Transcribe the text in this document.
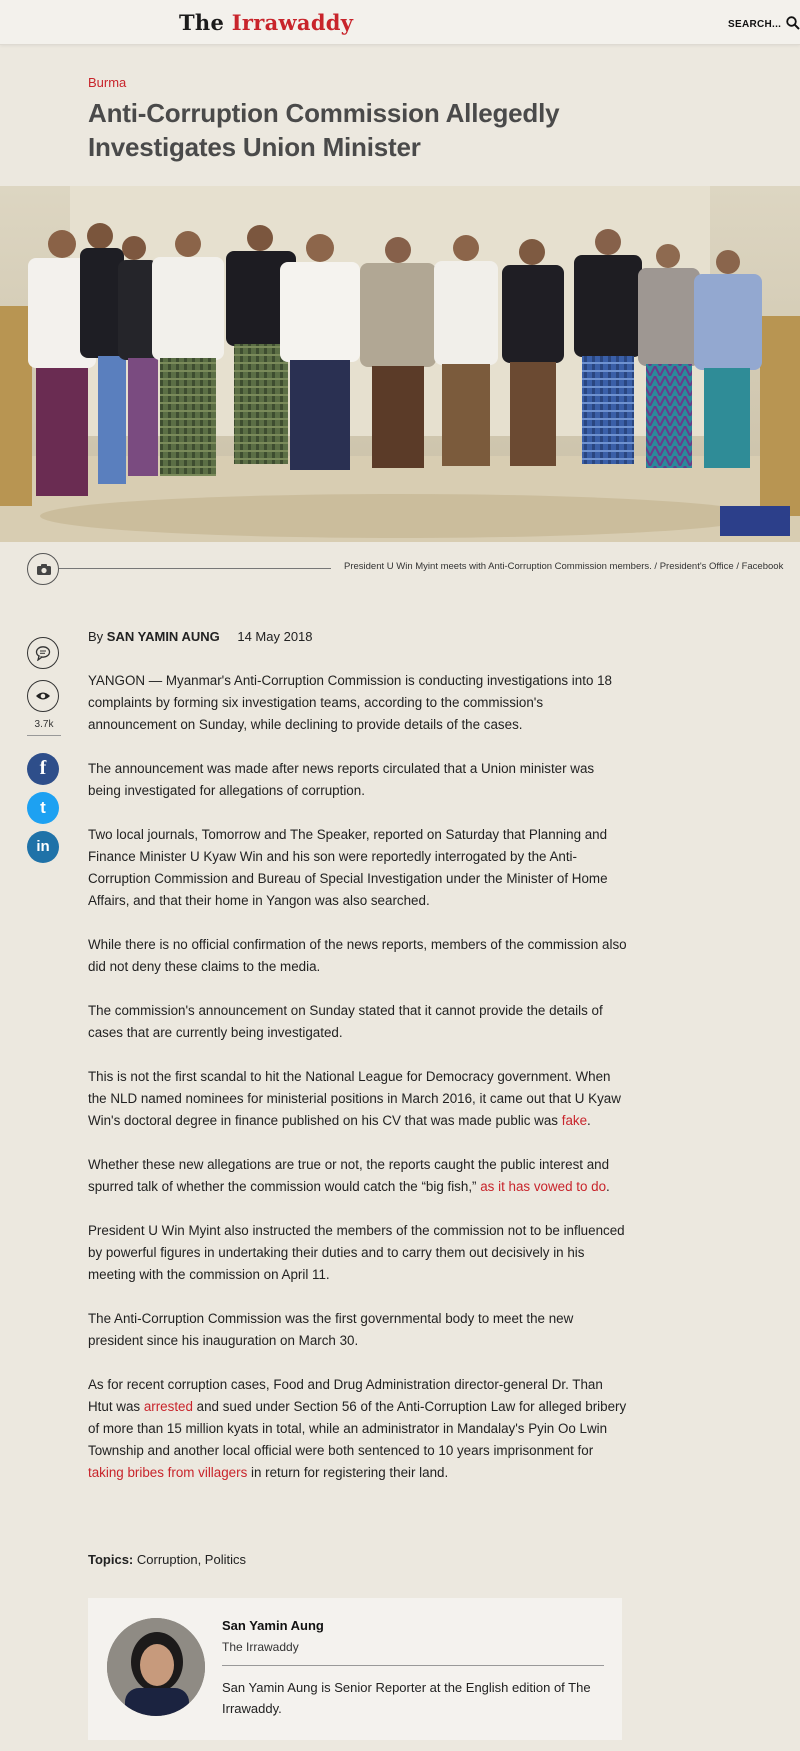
The Irrawaddy	SEARCH...
Burma
Anti-Corruption Commission Allegedly Investigates Union Minister
President U Win Myint meets with Anti-Corruption Commission members. / President's Office / Facebook
3.7k
f
t
in
By SAN YAMIN AUNG 14 May 2018

YANGON — Myanmar's Anti-Corruption Commission is conducting investigations into 18 complaints by forming six investigation teams, according to the commission's announcement on Sunday, while declining to provide details of the cases.

The announcement was made after news reports circulated that a Union minister was being investigated for allegations of corruption.

Two local journals, Tomorrow and The Speaker, reported on Saturday that Planning and Finance Minister U Kyaw Win and his son were reportedly interrogated by the Anti-Corruption Commission and Bureau of Special Investigation under the Minister of Home Affairs, and that their home in Yangon was also searched.

While there is no official confirmation of the news reports, members of the commission also did not deny these claims to the media.

The commission's announcement on Sunday stated that it cannot provide the details of cases that are currently being investigated.

This is not the first scandal to hit the National League for Democracy government. When the NLD named nominees for ministerial positions in March 2016, it came out that U Kyaw Win's doctoral degree in finance published on his CV that was made public was fake.

Whether these new allegations are true or not, the reports caught the public interest and spurred talk of whether the commission would catch the “big fish,” as it has vowed to do.

President U Win Myint also instructed the members of the commission not to be influenced by powerful figures in undertaking their duties and to carry them out decisively in his meeting with the commission on April 11.

The Anti-Corruption Commission was the first governmental body to meet the new president since his inauguration on March 30.

As for recent corruption cases, Food and Drug Administration director-general Dr. Than Htut was arrested and sued under Section 56 of the Anti-Corruption Law for alleged bribery of more than 15 million kyats in total, while an administrator in Mandalay's Pyin Oo Lwin Township and another local official were both sentenced to 10 years imprisonment for taking bribes from villagers in return for registering their land.

Topics: Corruption, Politics
San Yamin Aung
The Irrawaddy
San Yamin Aung is Senior Reporter at the English edition of The Irrawaddy.
